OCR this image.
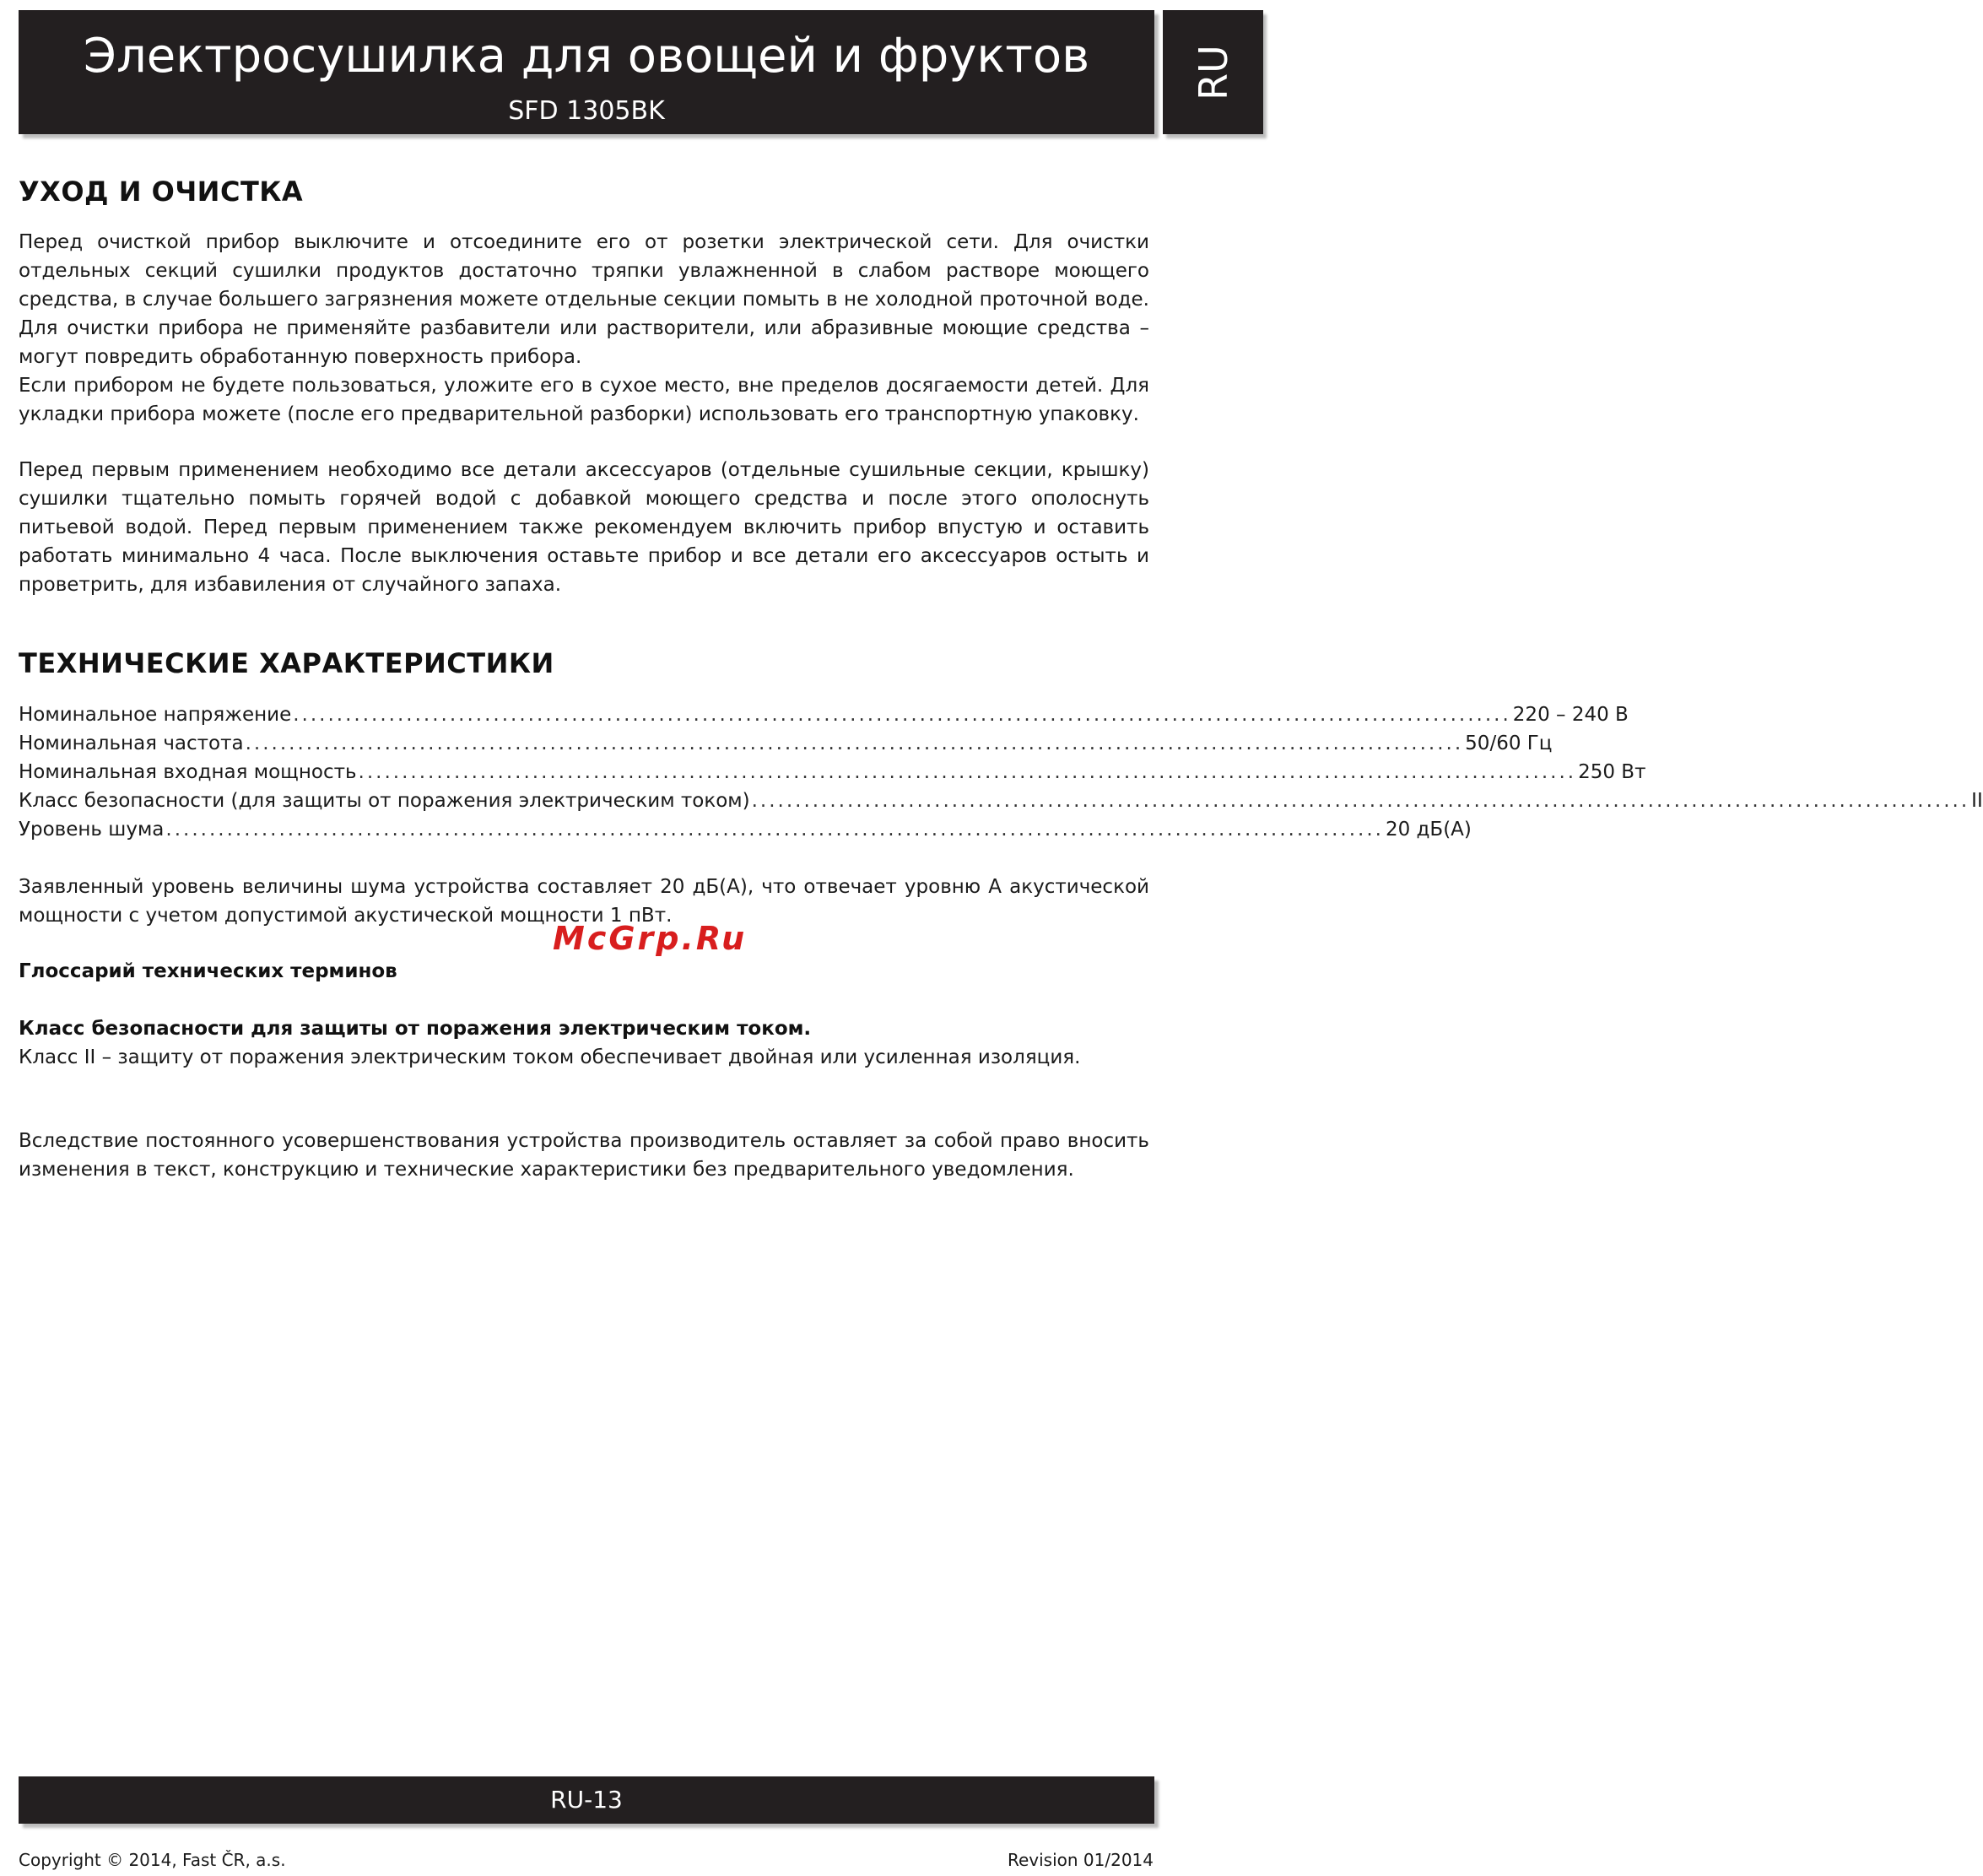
Электросушилка для овощей и фруктов
SFD 1305BK
RU
УХОД И ОЧИСТКА
Перед очисткой прибор выключите и отсоедините его от розетки электрической сети. Для очистки отдельных секций сушилки продуктов достаточно тряпки увлажненной в слабом растворе моющего средства, в случае большего загрязнения можете отдельные секции помыть в не холодной проточной воде. Для очистки прибора не применяйте разбавители или растворители, или абразивные моющие средства – могут повредить обработанную поверхность прибора.
Если прибором не будете пользоваться, уложите его в сухое место, вне пределов досягаемости детей. Для укладки прибора можете (после его предварительной разборки) использовать его транспортную упаковку.
Перед первым применением необходимо все детали аксессуаров (отдельные сушильные секции, крышку) сушилки тщательно помыть горячей водой с добавкой моющего средства и после этого ополоснуть питьевой водой. Перед первым применением также рекомендуем включить прибор впустую и оставить работать минимально 4 часа. После выключения оставьте прибор и все детали его аксессуаров остыть и проветрить, для избавиления от случайного запаха.
ТЕХНИЧЕСКИЕ ХАРАКТЕРИСТИКИ
Номинальное напряжение ............................................................................................................................................ 220 – 240 В
Номинальная частота ............................................................................................................................................ 50/60 Гц
Номинальная входная мощность ............................................................................................................................................ 250 Вт
Класс безопасности (для защиты от поражения электрическим током) ............................................................................................................................................ II
Уровень шума ............................................................................................................................................ 20 дБ(A)
Заявленный уровень величины шума устройства составляет 20 дБ(A), что отвечает уровню A акустической мощности с учетом допустимой акустической мощности 1 пВт.
Глоссарий технических терминов
Класс безопасности для защиты от поражения электрическим током.
Класс II – защиту от поражения электрическим током обеспечивает двойная или усиленная изоляция.
Вследствие постоянного усовершенствования устройства производитель оставляет за собой право вносить изменения в текст, конструкцию и технические характеристики без предварительного уведомления.
McGrp.Ru
RU-13
Copyright © 2014, Fast ČR, a.s.	Revision 01/2014
